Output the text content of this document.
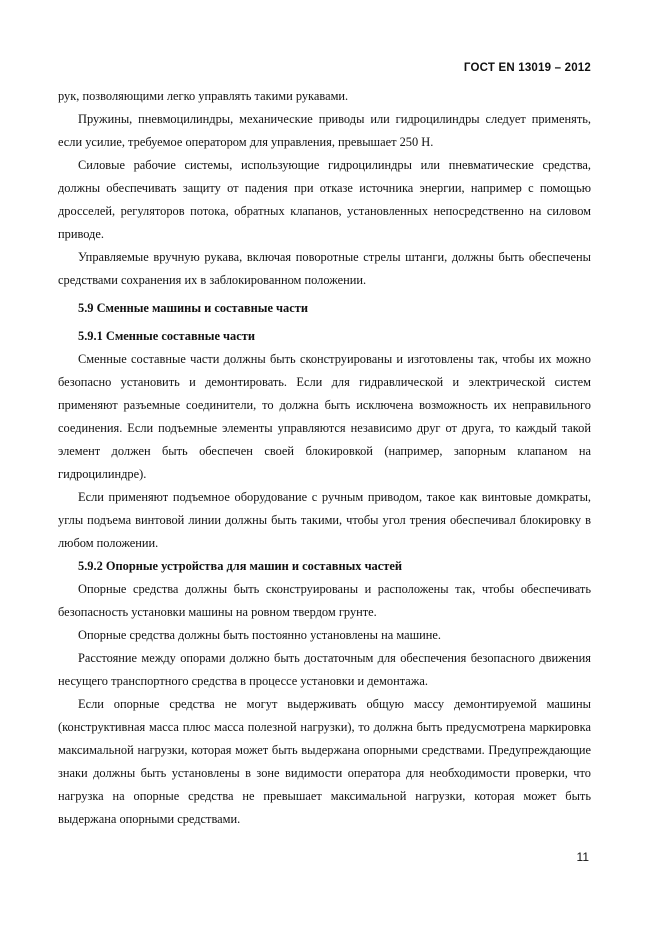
ГОСТ EN 13019 – 2012

рук, позволяющими легко управлять такими рукавами.

Пружины, пневмоцилиндры, механические приводы или гидроцилиндры следует применять, если усилие, требуемое оператором для управления, превышает 250 Н.

Силовые рабочие системы, использующие гидроцилиндры или пневматические средства, должны обеспечивать защиту от падения при отказе источника энергии, например с помощью дросселей, регуляторов потока, обратных клапанов, установленных непосредственно на силовом приводе.

Управляемые вручную рукава, включая поворотные стрелы штанги, должны быть обеспечены средствами сохранения их в заблокированном положении.

5.9 Сменные машины и составные части
5.9.1 Сменные составные части

Сменные составные части должны быть сконструированы и изготовлены так, чтобы их можно безопасно установить и демонтировать. Если для гидравлической и электрической систем применяют разъемные соединители, то должна быть исключена возможность их неправильного соединения. Если подъемные элементы управляются независимо друг от друга, то каждый такой элемент должен быть обеспечен своей блокировкой (например, запорным клапаном на гидроцилиндре).

Если применяют подъемное оборудование с ручным приводом, такое как винтовые домкраты, углы подъема винтовой линии должны быть такими, чтобы угол трения обеспечивал блокировку в любом положении.

5.9.2 Опорные устройства для машин и составных частей

Опорные средства должны быть сконструированы и расположены так, чтобы обеспечивать безопасность установки машины на ровном твердом грунте.

Опорные средства должны быть постоянно установлены на машине.

Расстояние между опорами должно быть достаточным для обеспечения безопасного движения несущего транспортного средства в процессе установки и демонтажа.

Если опорные средства не могут выдерживать общую массу демонтируемой машины (конструктивная масса плюс масса полезной нагрузки), то должна быть предусмотрена маркировка максимальной нагрузки, которая может быть выдержана опорными средствами. Предупреждающие знаки должны быть установлены в зоне видимости оператора для необходимости проверки, что нагрузка на опорные средства не превышает максимальной нагрузки, которая может быть выдержана опорными средствами.

11
